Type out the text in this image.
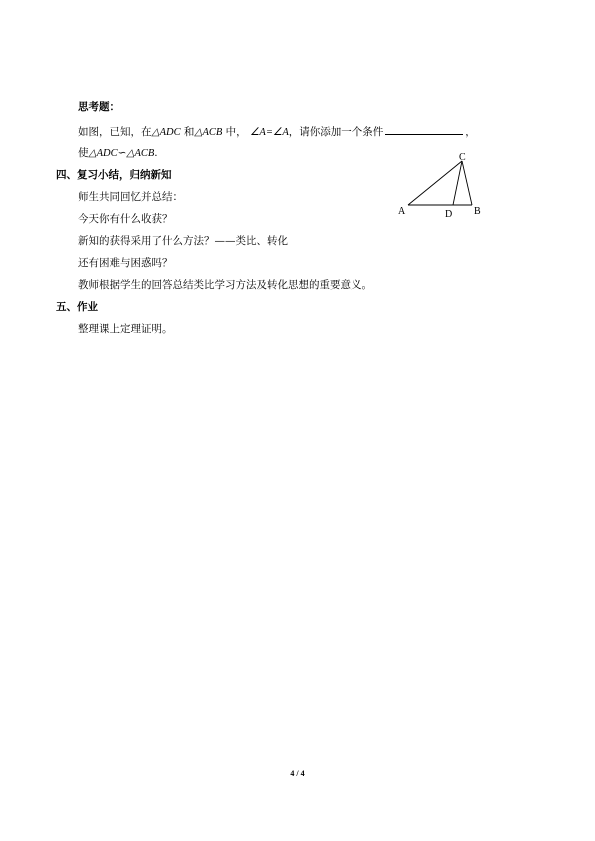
思考题：
如图，已知，在△ADC 和△ACB 中， ∠A=∠A，请你添加一个条件	，
使△ADC∽△ACB.	C
A	D B
四、复习小结，归纳新知
师生共同回忆并总结：
今天你有什么收获？
新知的获得采用了什么方法？——类比、转化
还有困难与困惑吗？
教师根据学生的回答总结类比学习方法及转化思想的重要意义。
五、作业
整理课上定理证明。
4 / 4
